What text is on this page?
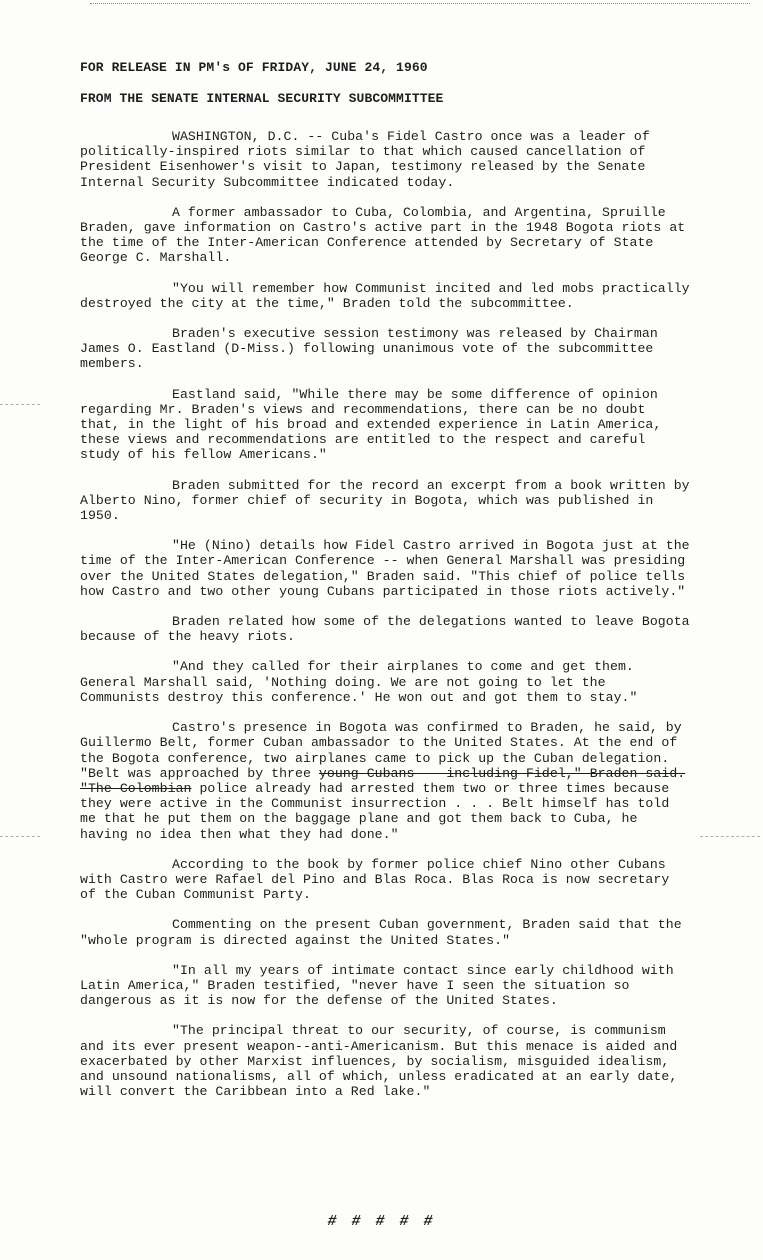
FOR RELEASE IN PM's OF FRIDAY, JUNE 24, 1960

FROM THE SENATE INTERNAL SECURITY SUBCOMMITTEE

WASHINGTON, D.C. -- Cuba's Fidel Castro once was a leader of politically-inspired riots similar to that which caused cancellation of President Eisenhower's visit to Japan, testimony released by the Senate Internal Security Subcommittee indicated today.

A former ambassador to Cuba, Colombia, and Argentina, Spruille Braden, gave information on Castro's active part in the 1948 Bogota riots at the time of the Inter-American Conference attended by Secretary of State George C. Marshall.

"You will remember how Communist incited and led mobs practically destroyed the city at the time," Braden told the subcommittee.

Braden's executive session testimony was released by Chairman James O. Eastland (D-Miss.) following unanimous vote of the subcommittee members.

Eastland said, "While there may be some difference of opinion regarding Mr. Braden's views and recommendations, there can be no doubt that, in the light of his broad and extended experience in Latin America, these views and recommendations are entitled to the respect and careful study of his fellow Americans."

Braden submitted for the record an excerpt from a book written by Alberto Nino, former chief of security in Bogota, which was published in 1950.

"He (Nino) details how Fidel Castro arrived in Bogota just at the time of the Inter-American Conference -- when General Marshall was presiding over the United States delegation," Braden said. "This chief of police tells how Castro and two other young Cubans participated in those riots actively."

Braden related how some of the delegations wanted to leave Bogota because of the heavy riots.

"And they called for their airplanes to come and get them. General Marshall said, 'Nothing doing. We are not going to let the Communists destroy this conference.' He won out and got them to stay."

Castro's presence in Bogota was confirmed to Braden, he said, by Guillermo Belt, former Cuban ambassador to the United States. At the end of the Bogota conference, two airplanes came to pick up the Cuban delegation. "Belt was approached by three young Cubans -- including Fidel," Braden said. "The Colombian police already had arrested them two or three times because they were active in the Communist insurrection . . . Belt himself has told me that he put them on the baggage plane and got them back to Cuba, he having no idea then what they had done."

According to the book by former police chief Nino other Cubans with Castro were Rafael del Pino and Blas Roca. Blas Roca is now secretary of the Cuban Communist Party.

Commenting on the present Cuban government, Braden said that the "whole program is directed against the United States."

"In all my years of intimate contact since early childhood with Latin America," Braden testified, "never have I seen the situation so dangerous as it is now for the defense of the United States.

"The principal threat to our security, of course, is communism and its ever present weapon--anti-Americanism. But this menace is aided and exacerbated by other Marxist influences, by socialism, misguided idealism, and unsound nationalisms, all of which, unless eradicated at an early date, will convert the Caribbean into a Red lake."

# # # # #
